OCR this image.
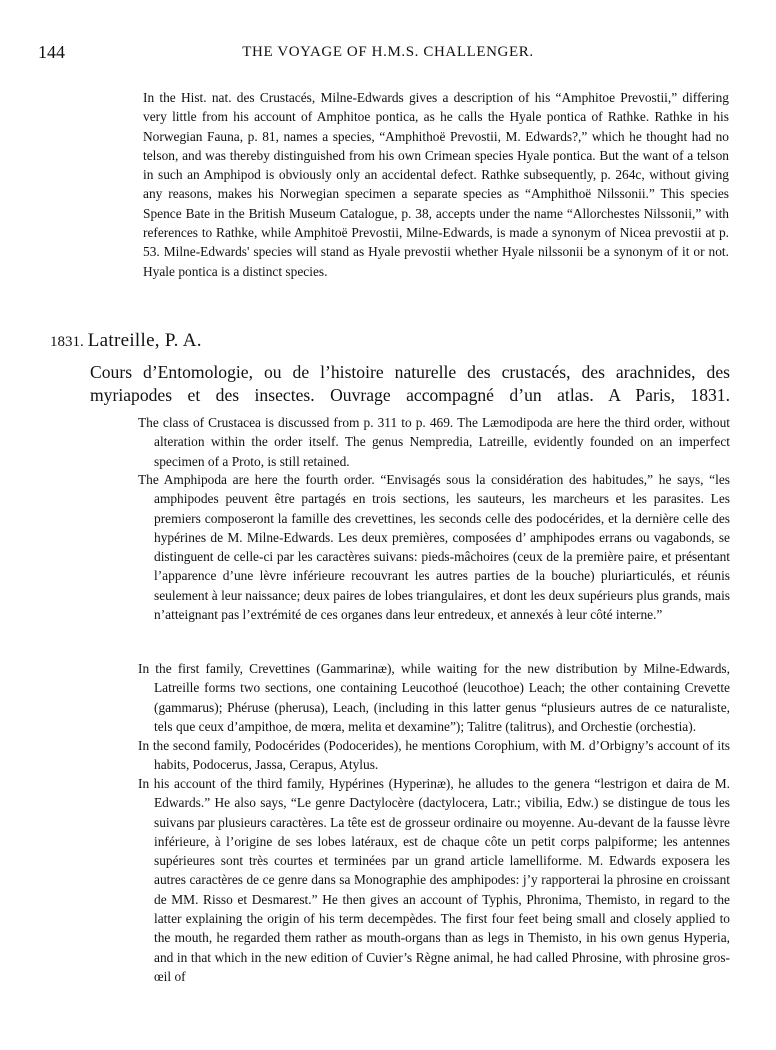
144	THE VOYAGE OF H.M.S. CHALLENGER.

In the Hist. nat. des Crustacés, Milne-Edwards gives a description of his “Amphitoe Prevostii,” differing very little from his account of Amphitoe pontica, as he calls the Hyale pontica of Rathke. Rathke in his Norwegian Fauna, p. 81, names a species, “Amphithoë Prevostii, M. Edwards?,” which he thought had no telson, and was thereby distinguished from his own Crimean species Hyale pontica. But the want of a telson in such an Amphipod is obviously only an accidental defect. Rathke subsequently, p. 264c, without giving any reasons, makes his Norwegian specimen a separate species as “Amphithoë Nilssonii.” This species Spence Bate in the British Museum Catalogue, p. 38, accepts under the name “Allorchestes Nilssonii,” with references to Rathke, while Amphitoë Prevostii, Milne-Edwards, is made a synonym of Nicea prevostii at p. 53. Milne-Edwards' species will stand as Hyale prevostii whether Hyale nilssonii be a synonym of it or not. Hyale pontica is a distinct species.

1831. Latreille, P. A.

Cours d’Entomologie, ou de l’histoire naturelle des crustacés, des arachnides, des myriapodes et des insectes. Ouvrage accompagné d’un atlas. A Paris, 1831.

The class of Crustacea is discussed from p. 311 to p. 469. The Læmodipoda are here the third order, without alteration within the order itself. The genus Nempredia, Latreille, evidently founded on an imperfect specimen of a Proto, is still retained.

The Amphipoda are here the fourth order. “Envisagés sous la considération des habitudes,” he says, “les amphipodes peuvent être partagés en trois sections, les sauteurs, les marcheurs et les parasites. Les premiers composeront la famille des crevettines, les seconds celle des podocérides, et la dernière celle des hypérines de M. Milne-Edwards. Les deux premières, composées d’ amphipodes errans ou vagabonds, se distinguent de celle-ci par les caractères suivans: pieds-mâchoires (ceux de la première paire, et présentant l’apparence d’une lèvre inférieure recouvrant les autres parties de la bouche) pluriarticulés, et réunis seulement à leur naissance; deux paires de lobes triangulaires, et dont les deux supérieurs plus grands, mais n’atteignant pas l’extrémité de ces organes dans leur entredeux, et annexés à leur côté interne.”

In the first family, Crevettines (Gammarinæ), while waiting for the new distribution by Milne-Edwards, Latreille forms two sections, one containing Leucothoé (leucothoe) Leach; the other containing Crevette (gammarus); Phéruse (pherusa), Leach, (including in this latter genus “plusieurs autres de ce naturaliste, tels que ceux d’ampithoe, de mœra, melita et dexamine”); Talitre (talitrus), and Orchestie (orchestia).

In the second family, Podocérides (Podocerides), he mentions Corophium, with M. d’Orbigny’s account of its habits, Podocerus, Jassa, Cerapus, Atylus.

In his account of the third family, Hypérines (Hyperinæ), he alludes to the genera “lestrigon et daira de M. Edwards.” He also says, “Le genre Dactylocère (dactylocera, Latr.; vibilia, Edw.) se distingue de tous les suivans par plusieurs caractères. La tête est de grosseur ordinaire ou moyenne. Au-devant de la fausse lèvre inférieure, à l’origine de ses lobes latéraux, est de chaque côte un petit corps palpiforme; les antennes supérieures sont très courtes et terminées par un grand article lamelliforme. M. Edwards exposera les autres caractères de ce genre dans sa Monographie des amphipodes: j’y rapporterai la phrosine en croissant de MM. Risso et Desmarest.” He then gives an account of Typhis, Phronima, Themisto, in regard to the latter explaining the origin of his term decempèdes. The first four feet being small and closely applied to the mouth, he regarded them rather as mouth-organs than as legs in Themisto, in his own genus Hyperia, and in that which in the new edition of Cuvier’s Règne animal, he had called Phrosine, with phrosine gros-œil of
